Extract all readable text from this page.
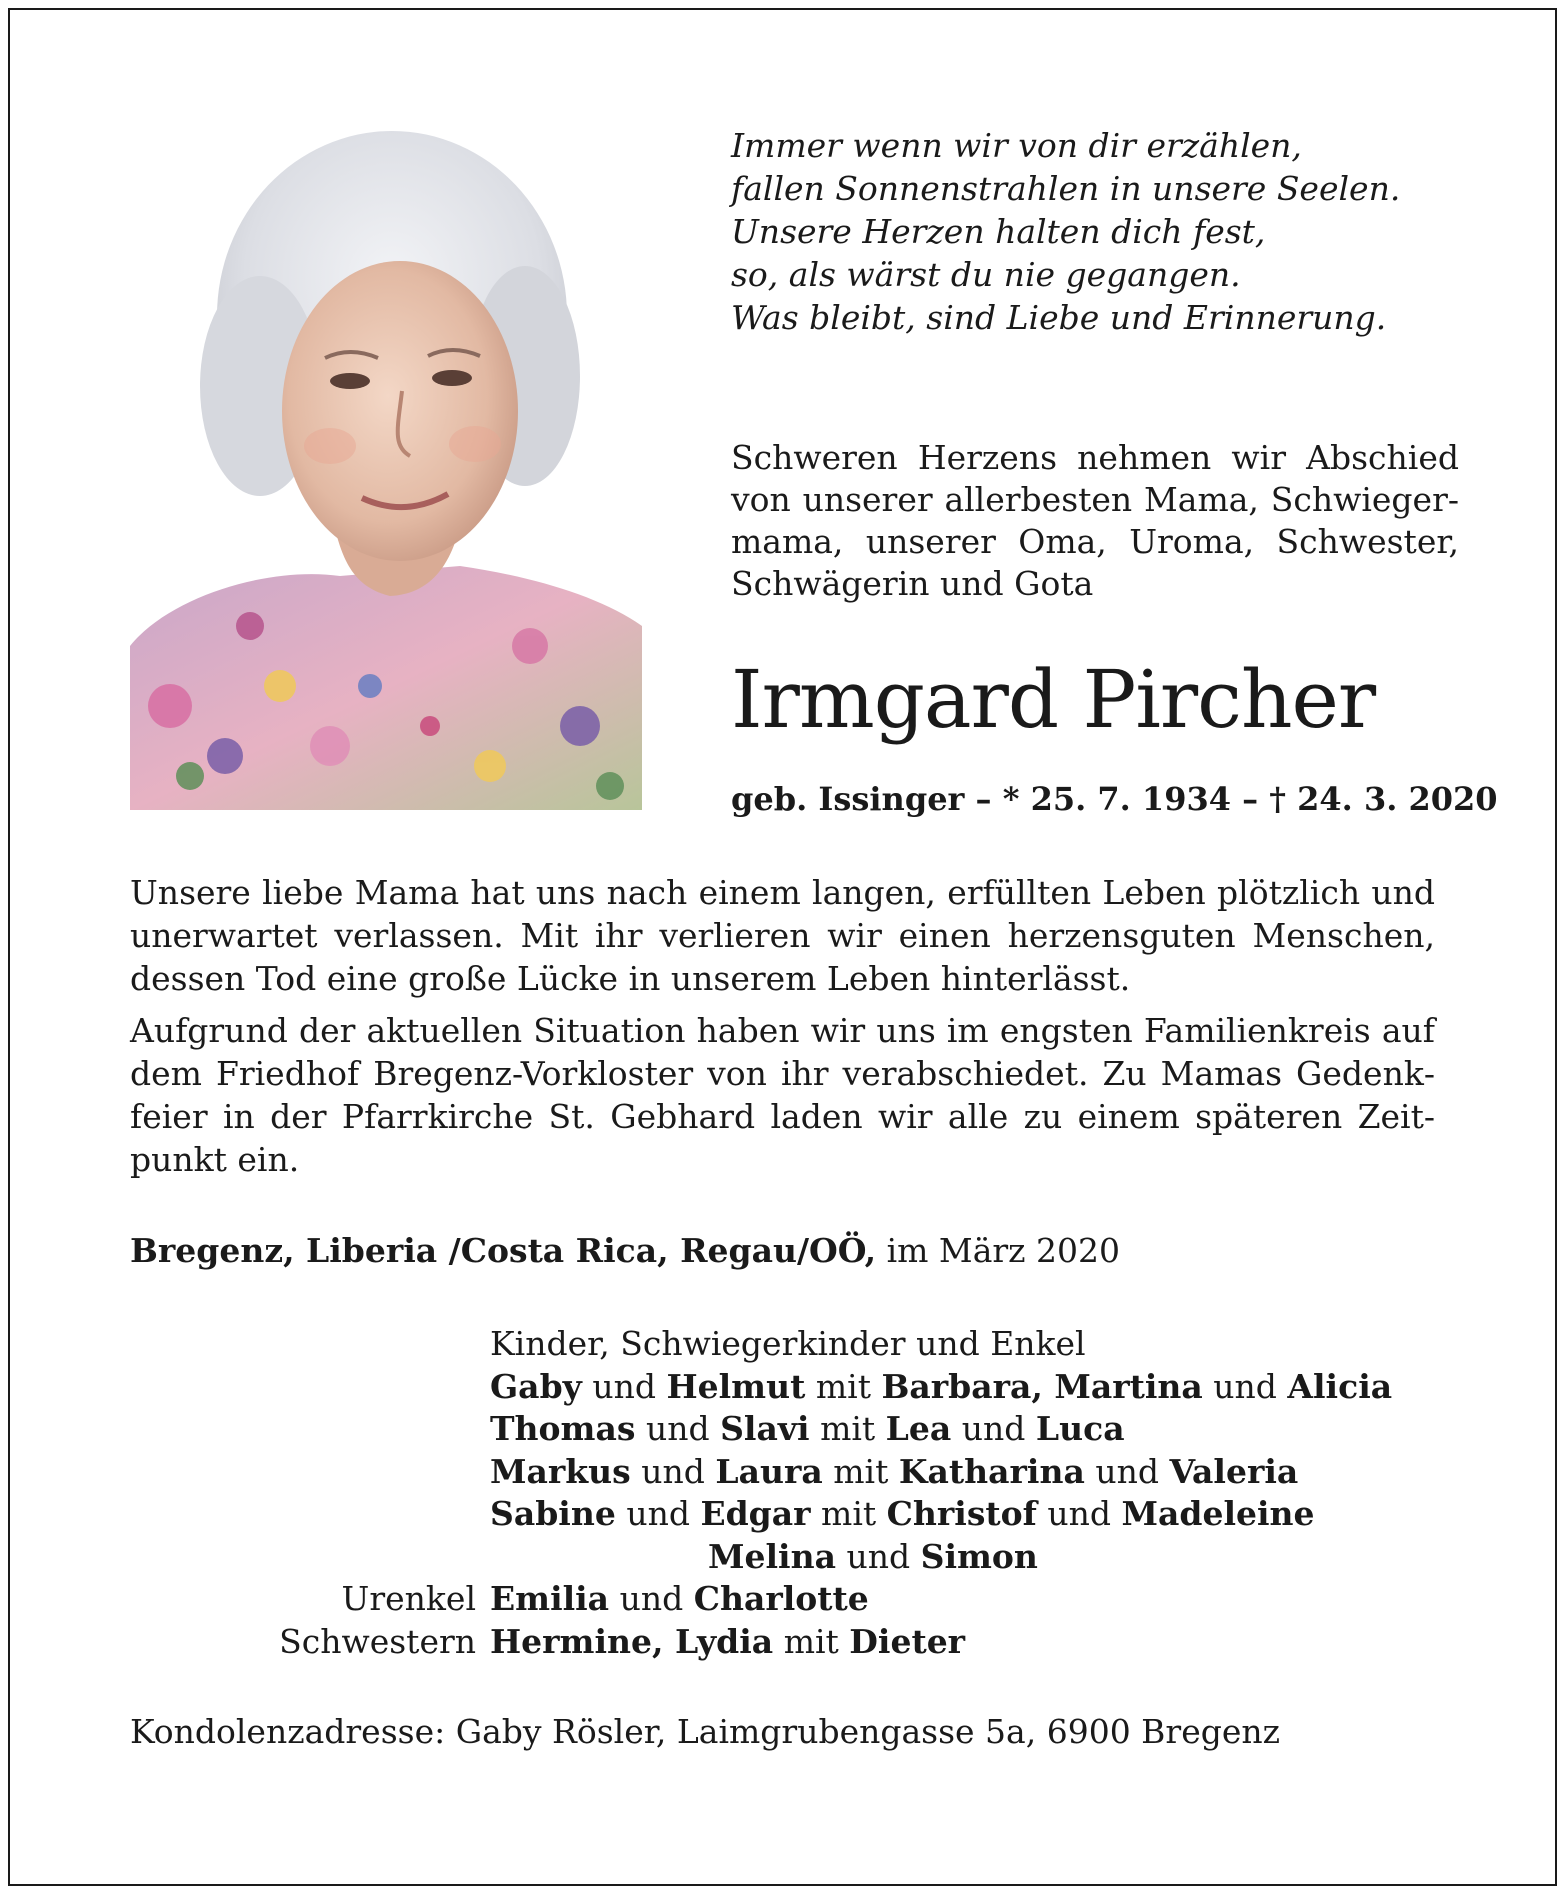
Immer wenn wir von dir erzählen,
fallen Sonnenstrahlen in unsere Seelen.
Unsere Herzen halten dich fest,
so, als wärst du nie gegangen.
Was bleibt, sind Liebe und Erinnerung.
Schweren Herzens nehmen wir Abschied von unserer allerbesten Mama, Schwiegermama, unserer Oma, Uroma, Schwester, Schwägerin und Gota
Irmgard Pircher
geb. Issinger – * 25. 7. 1934 – † 24. 3. 2020

Unsere liebe Mama hat uns nach einem langen, erfüllten Leben plötzlich und unerwartet verlassen. Mit ihr verlieren wir einen herzensguten Menschen, dessen Tod eine große Lücke in unserem Leben hinterlässt.

Aufgrund der aktuellen Situation haben wir uns im engsten Familienkreis auf dem Friedhof Bregenz-Vorkloster von ihr verabschiedet. Zu Mamas Gedenkfeier in der Pfarrkirche St. Gebhard laden wir alle zu einem späteren Zeitpunkt ein.

Bregenz, Liberia /Costa Rica, Regau/OÖ, im März 2020
Kinder, Schwiegerkinder und Enkel
Gaby und Helmut mit Barbara, Martina und Alicia
Thomas und Slavi mit Lea und Luca
Markus und Laura mit Katharina und Valeria
Sabine und Edgar mit Christof und Madeleine
Melina und Simon
Urenkel Emilia und Charlotte
Schwestern Hermine, Lydia mit Dieter
Kondolenzadresse: Gaby Rösler, Laimgrubengasse 5a, 6900 Bregenz
